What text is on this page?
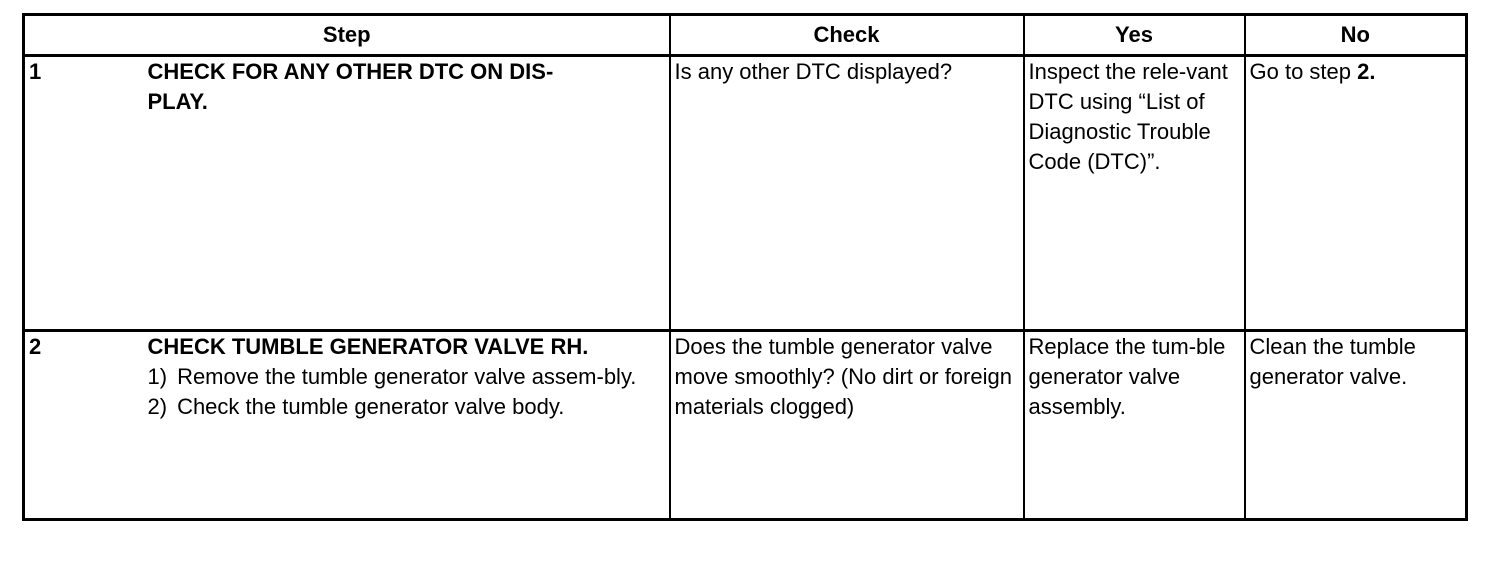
Step		Check	Yes	No
1	CHECK FOR ANY OTHER DTC ON DIS-
PLAY.	Is any other DTC displayed?	Inspect the rele-vant DTC using “List of Diagnostic Trouble Code (DTC)”.	Go to step 2.
2	CHECK TUMBLE GENERATOR VALVE RH.
1) Remove the tumble generator valve assem-bly.
2) Check the tumble generator valve body.	Does the tumble generator valve move smoothly? (No dirt or foreign materials clogged)	Replace the tum-ble generator valve assembly.	Clean the tumble generator valve.
